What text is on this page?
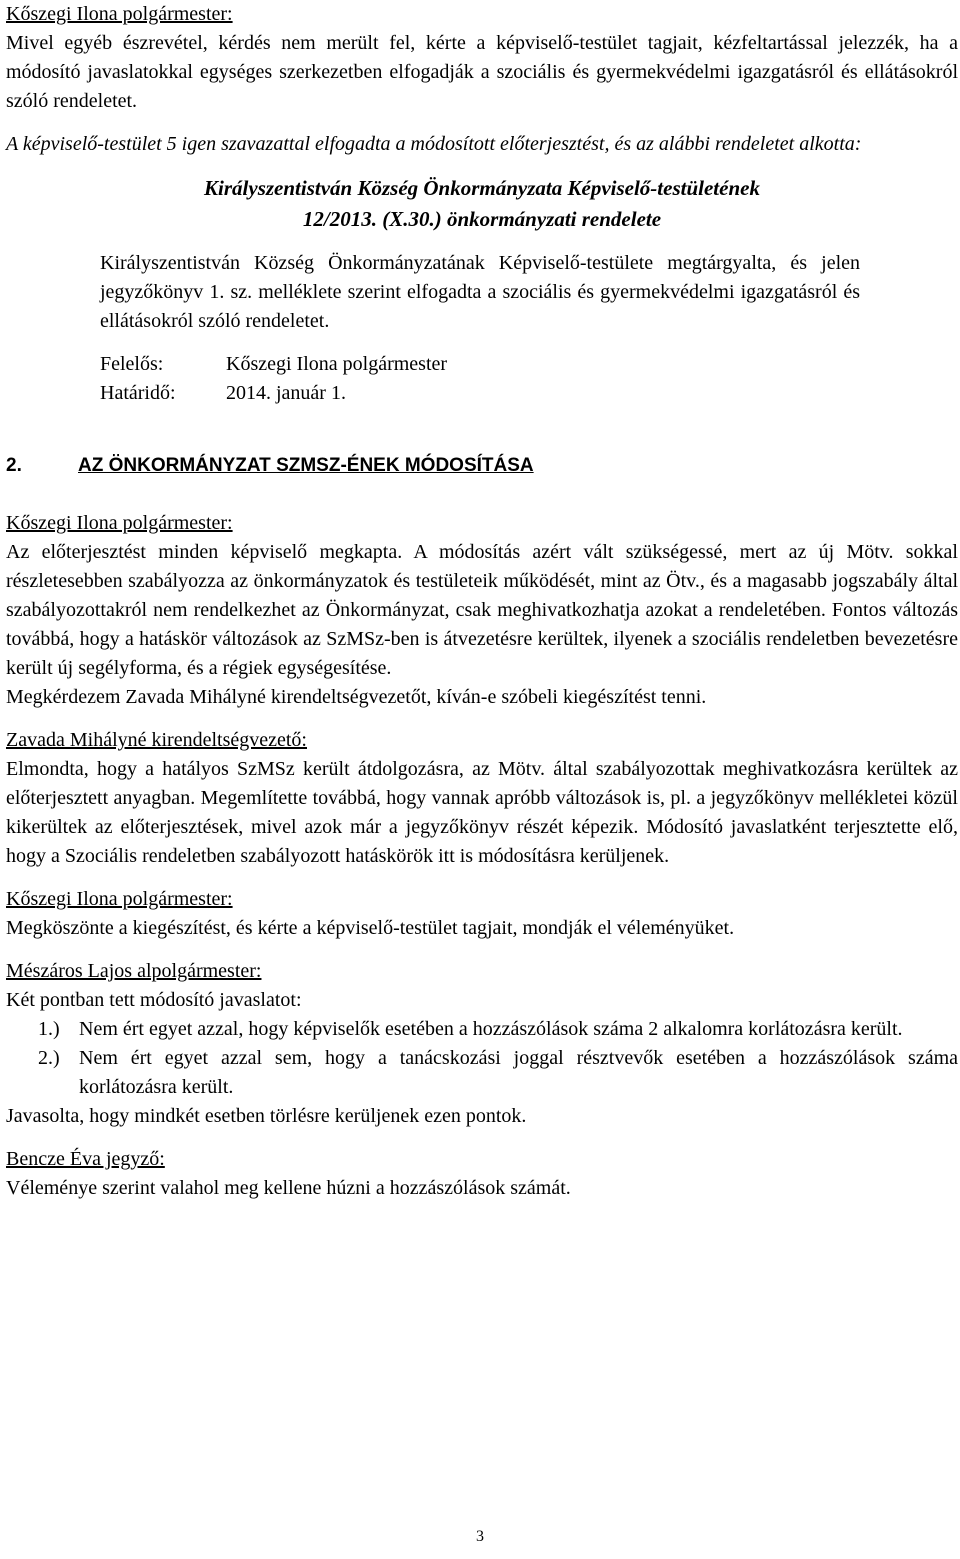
Kőszegi Ilona polgármester:

Mivel egyéb észrevétel, kérdés nem merült fel, kérte a képviselő-testület tagjait, kézfeltartással jelezzék, ha a módosító javaslatokkal egységes szerkezetben elfogadják a szociális és gyermekvédelmi igazgatásról és ellátásokról szóló rendeletet.

A képviselő-testület 5 igen szavazattal elfogadta a módosított előterjesztést, és az alábbi rendeletet alkotta:

Királyszentistván Község Önkormányzata Képviselő-testületének

12/2013. (X.30.) önkormányzati rendelete

Királyszentistván Község Önkormányzatának Képviselő-testülete megtárgyalta, és jelen jegyzőkönyv 1. sz. melléklete szerint elfogadta a szociális és gyermekvédelmi igazgatásról és ellátásokról szóló rendeletet.

Felelős:	Kőszegi Ilona polgármester
Határidő:	2014. január 1.

2.	AZ ÖNKORMÁNYZAT SZMSZ-ÉNEK MÓDOSÍTÁSA

Kőszegi Ilona polgármester:

Az előterjesztést minden képviselő megkapta. A módosítás azért vált szükségessé, mert az új Mötv. sokkal részletesebben szabályozza az önkormányzatok és testületeik működését, mint az Ötv., és a magasabb jogszabály által szabályozottakról nem rendelkezhet az Önkormányzat, csak meghivatkozhatja azokat a rendeletében. Fontos változás továbbá, hogy a hatáskör változások az SzMSz-ben is átvezetésre kerültek, ilyenek a szociális rendeletben bevezetésre került új segélyforma, és a régiek egységesítése.

Megkérdezem Zavada Mihályné kirendeltségvezetőt, kíván-e szóbeli kiegészítést tenni.

Zavada Mihályné kirendeltségvezető:

Elmondta, hogy a hatályos SzMSz került átdolgozásra, az Mötv. által szabályozottak meghivatkozásra kerültek az előterjesztett anyagban. Megemlítette továbbá, hogy vannak apróbb változások is, pl. a jegyzőkönyv mellékletei közül kikerültek az előterjesztések, mivel azok már a jegyzőkönyv részét képezik. Módosító javaslatként terjesztette elő, hogy a Szociális rendeletben szabályozott hatáskörök itt is módosításra kerüljenek.

Kőszegi Ilona polgármester:

Megköszönte a kiegészítést, és kérte a képviselő-testület tagjait, mondják el véleményüket.

Mészáros Lajos alpolgármester:

Két pontban tett módosító javaslatot:

1.) Nem ért egyet azzal, hogy képviselők esetében a hozzászólások száma 2 alkalomra korlátozásra került.
2.) Nem ért egyet azzal sem, hogy a tanácskozási joggal résztvevők esetében a hozzászólások száma korlátozásra került.

Javasolta, hogy mindkét esetben törlésre kerüljenek ezen pontok.

Bencze Éva jegyző:

Véleménye szerint valahol meg kellene húzni a hozzászólások számát.

3
